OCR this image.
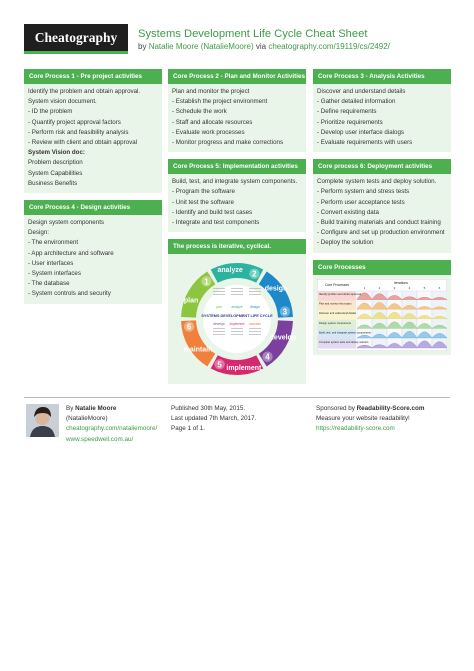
Cheatography	Systems Development Life Cycle Cheat Sheet
by Natalie Moore (NatalieMoore) via cheatography.com/19119/cs/2492/
Core Process 1 - Pre project activities
Identify the problem and obtain approval.
System vision document.
- ID the problem
- Quantify project approval factors
- Perform risk and feasibility analysis
- Review with client and obtain approval
System Vision doc:
Problem description
System Capabilities
Business Benefits
Core Process 4 - Design activities
Design system components
Design:
- The environment
- App architecture and software
- User interfaces
- System interfaces
- The database
- System controls and security
Core Process 2 - Plan and Monitor Activities
Plan and monitor the project
- Establish the project environment
- Schedule the work
- Staff and allocate resources
- Evaluate work processes
- Monitor progress and make corrections
Core Process 5: Implementation activities
Build, test, and integrate system components.
- Program the software
- Unit test the software
- Identify and build test cases
- Integrate and test components
The process is iterative, cyclical.
SYSTEMS DEVELOPMENT LIFE CYCLE
plan	analyze design
develop implement maintain
plan
1
analyze 2
design
3
develop
4
implement
5
maintain
6
Core Process 3 - Analysis Activities
Discover and understand details
- Gather detailed information
- Define requirements
- Prioritize requirements
- Develop user interface dialogs
- Evaluate requirements with users
Core process 6: Deployment activities
Complete system tests and deploy solution.
- Perform system and stress tests
- Perform user acceptance tests
- Convert existing data
- Build training materials and conduct training
- Configure and set up production environment
- Deploy the solution
Core Processes
Core Processes	Iterations
1	2	3	4	5	6
Identify problem and obtain approval
Plan and monitor the project
Discover and understand details
Design system components
Build, test, and integrate system components
Complete system tests and deploy solution
By Natalie Moore
(NatalieMoore)
cheatography.com/nataliemoore/
www.speedwell.com.au/
Published 30th May, 2015.
Last updated 7th March, 2017.
Page 1 of 1.
Sponsored by Readability-Score.com
Measure your website readability!
https://readability-score.com
